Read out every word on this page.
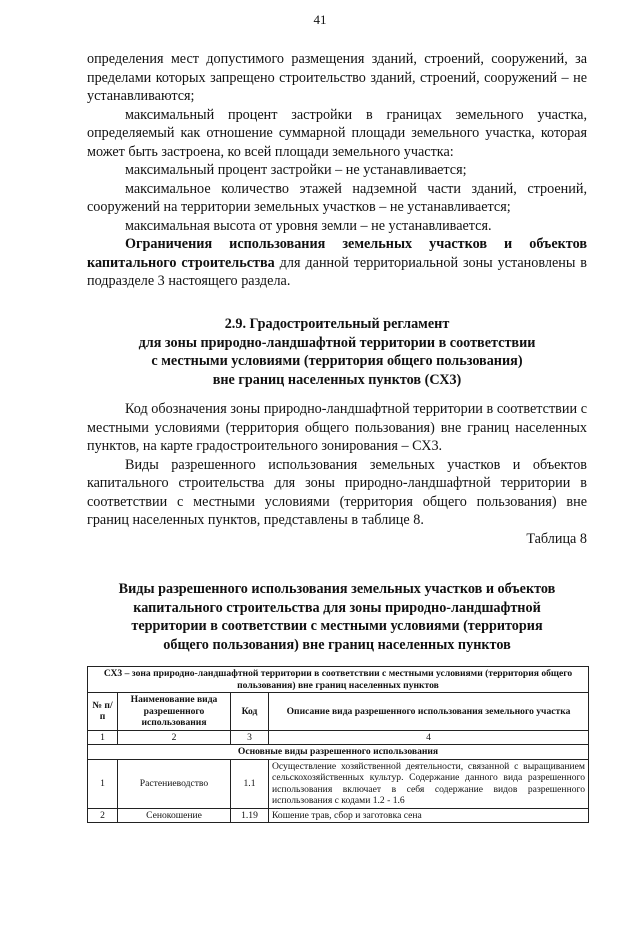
41

определения мест допустимого размещения зданий, строений, сооружений, за пределами которых запрещено строительство зданий, строений, сооружений – не устанавливаются;

максимальный процент застройки в границах земельного участка, определяемый как отношение суммарной площади земельного участка, которая может быть застроена, ко всей площади земельного участка:

максимальный процент застройки – не устанавливается;

максимальное количество этажей надземной части зданий, строений, сооружений на территории земельных участков – не устанавливается;

максимальная высота от уровня земли – не устанавливается.

Ограничения использования земельных участков и объектов капитального строительства для данной территориальной зоны установлены в подразделе 3 настоящего раздела.

2.9. Градостроительный регламент
для зоны природно-ландшафтной территории в соответствии
с местными условиями (территория общего пользования)
вне границ населенных пунктов (СХ3)

Код обозначения зоны природно-ландшафтной территории в соответствии с местными условиями (территория общего пользования) вне границ населенных пунктов, на карте градостроительного зонирования – СХ3.

Виды разрешенного использования земельных участков и объектов капитального строительства для зоны природно-ландшафтной территории в соответствии с местными условиями (территория общего пользования) вне границ населенных пунктов, представлены в таблице 8.

Таблица 8

Виды разрешенного использования земельных участков и объектов
капитального строительства для зоны природно-ландшафтной
территории в соответствии с местными условиями (территория
общего пользования) вне границ населенных пунктов
СХ3 – зона природно-ландшафтной территории в соответствии с местными условиями (территория общего пользования) вне границ населенных пунктов			
№ п/п	Наименование вида разрешенного использования	Код	Описание вида разрешенного использования земельного участка
1	2	3	4
Основные виды разрешенного использования			
1	Растениеводство	1.1	Осуществление хозяйственной деятельности, связанной с выращиванием сельскохозяйственных культур. Содержание данного вида разрешенного использования включает в себя содержание видов разрешенного использования с кодами 1.2 - 1.6
2	Сенокошение	1.19	Кошение трав, сбор и заготовка сена
